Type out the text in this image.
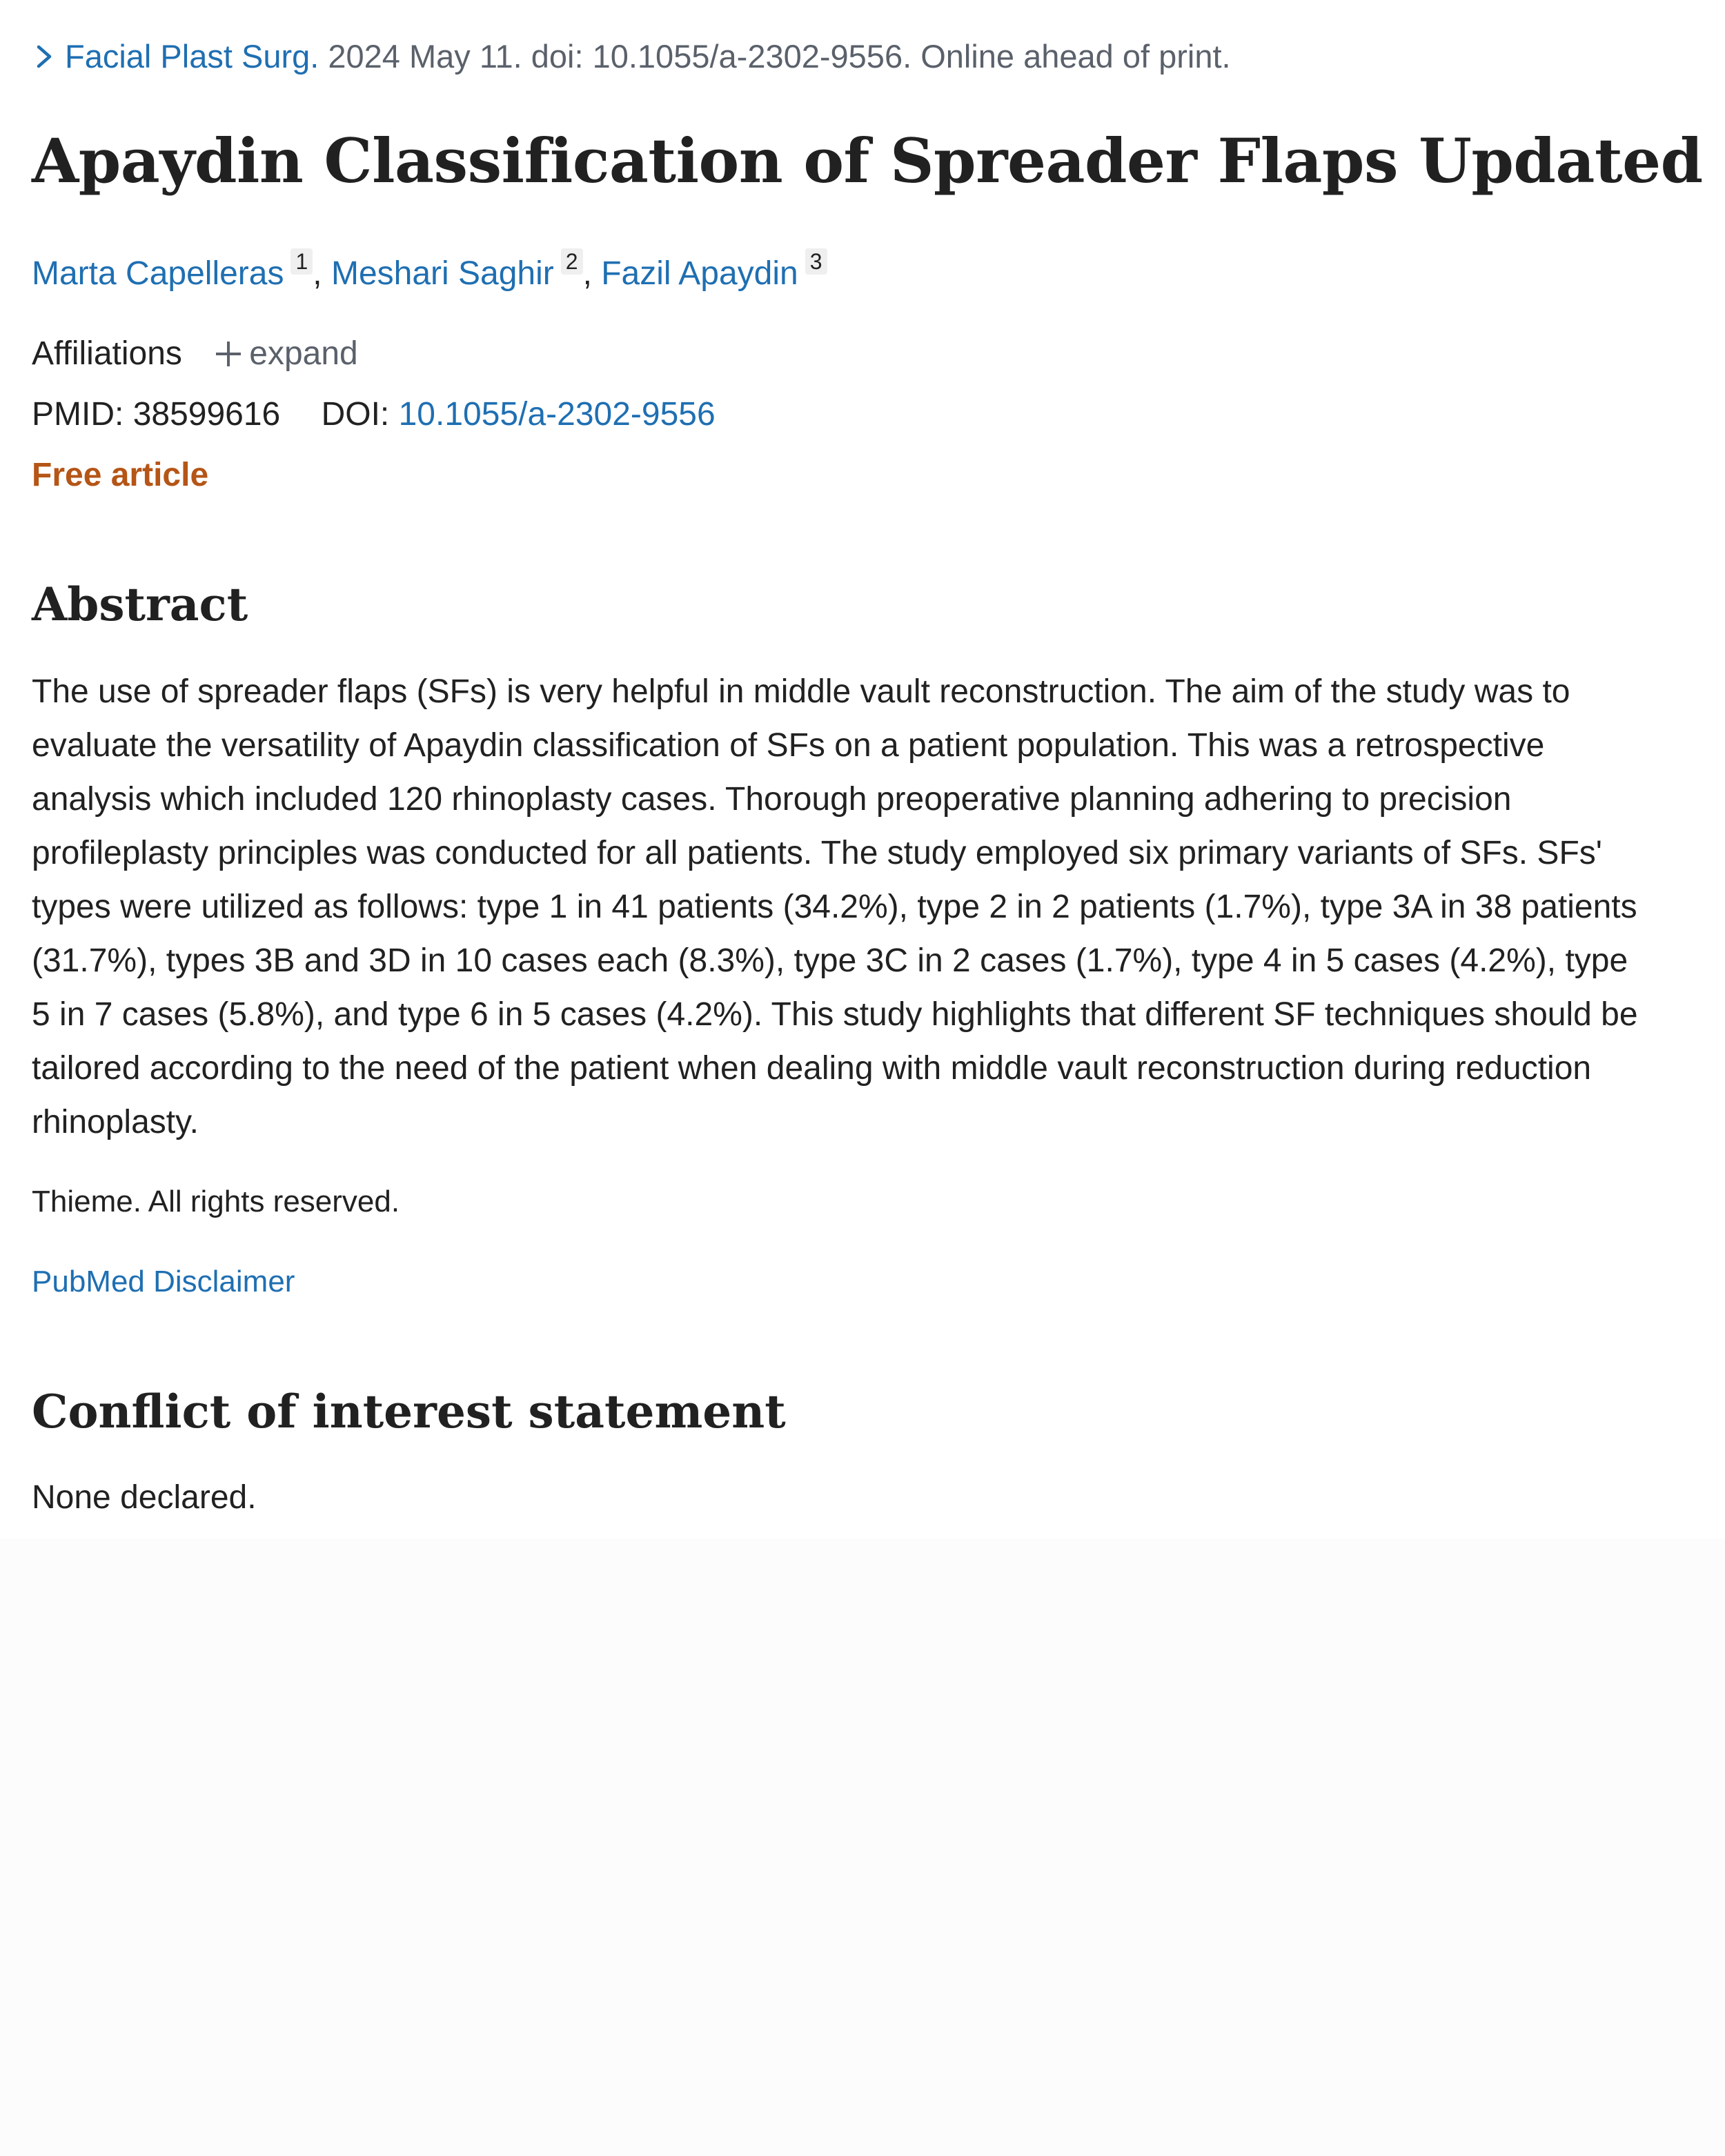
Facial Plast Surg. 2024 May 11. doi: 10.1055/a-2302-9556. Online ahead of print.
Apaydin Classification of Spreader Flaps Updated
Marta Capelleras $^1$ , Meshari Saghir $^2$ , Fazil Apaydin $^3$
Affiliations expand
PMID: 38599616 DOI: 10.1055/a-2302-9556
Free article
Abstract

The use of spreader flaps (SFs) is very helpful in middle vault reconstruction. The aim of the study was to evaluate the versatility of Apaydin classification of SFs on a patient population. This was a retrospective analysis which included 120 rhinoplasty cases. Thorough preoperative planning adhering to precision profileplasty principles was conducted for all patients. The study employed six primary variants of SFs. SFs' types were utilized as follows: type 1 in 41 patients (34.2%), type 2 in 2 patients (1.7%), type 3A in 38 patients (31.7%), types 3B and 3D in 10 cases each (8.3%), type 3C in 2 cases (1.7%), type 4 in 5 cases (4.2%), type 5 in 7 cases (5.8%), and type 6 in 5 cases (4.2%). This study highlights that different SF techniques should be tailored according to the need of the patient when dealing with middle vault reconstruction during reduction rhinoplasty.

Thieme. All rights reserved.
PubMed Disclaimer
Conflict of interest statement
None declared.
